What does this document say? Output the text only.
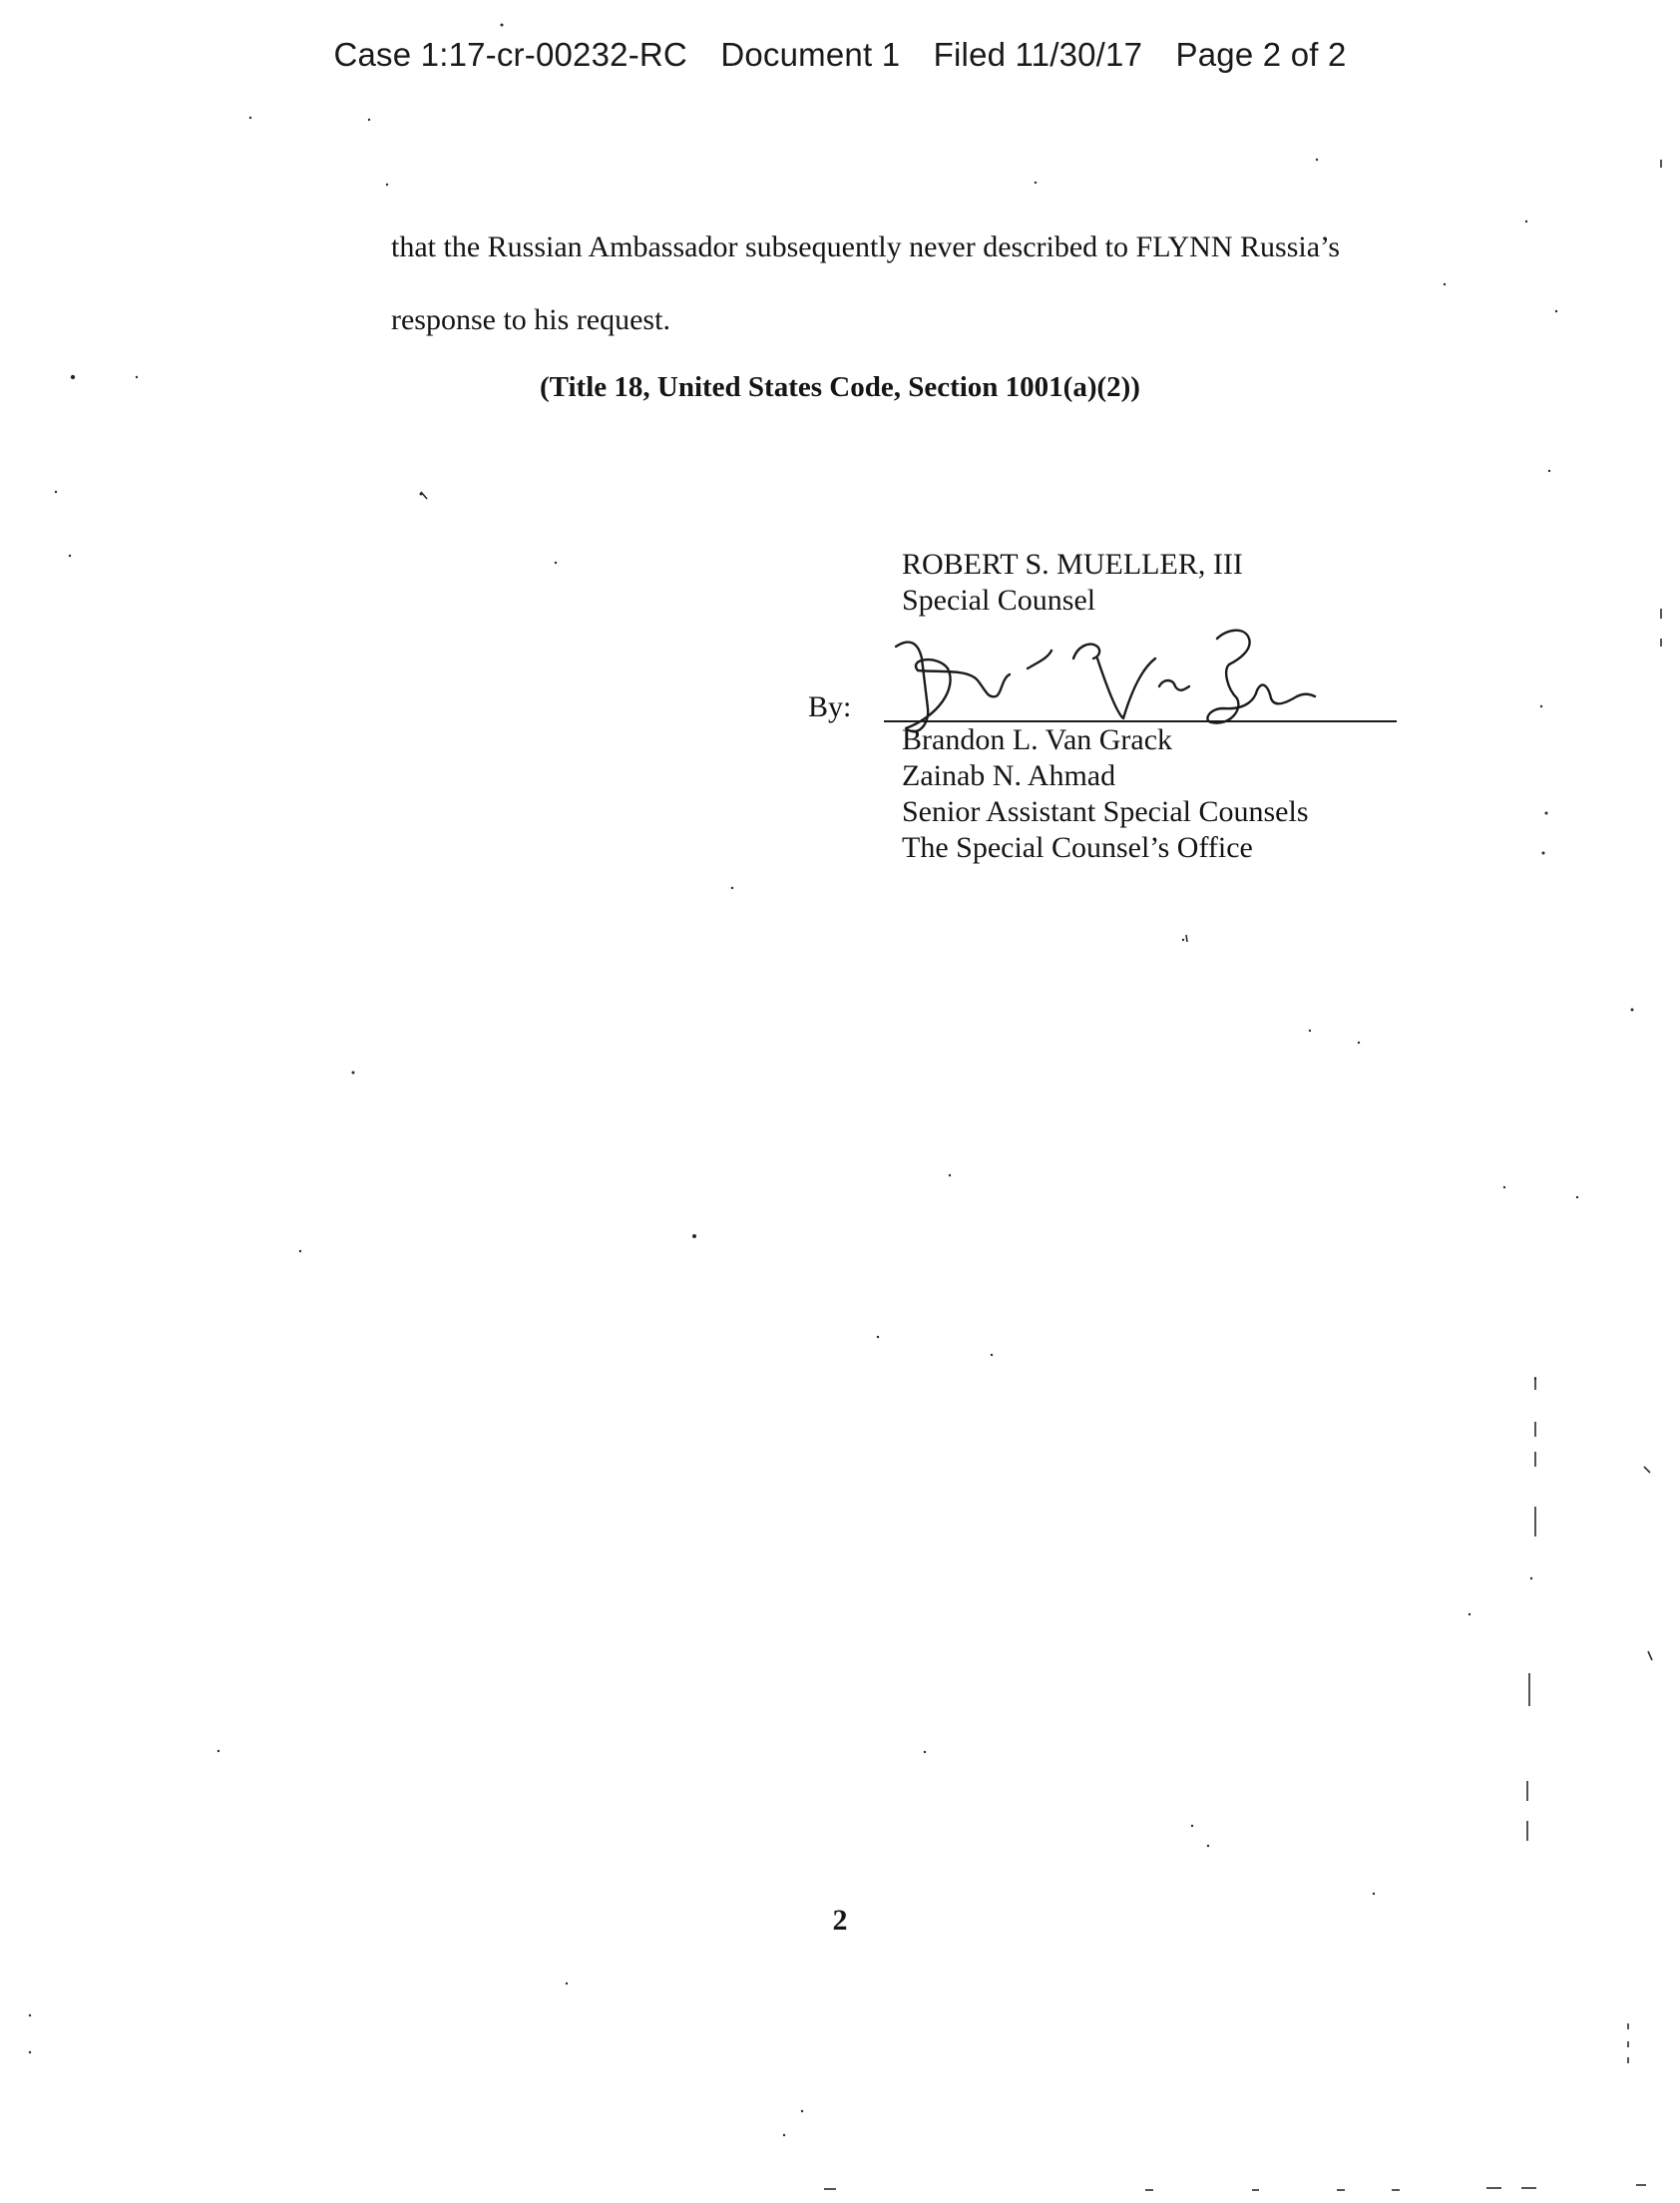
Case 1:17-cr-00232-RC Document 1 Filed 11/30/17 Page 2 of 2
that the Russian Ambassador subsequently never described to FLYNN Russia’s
response to his request.
(Title 18, United States Code, Section 1001(a)(2))
ROBERT S. MUELLER, III
Special Counsel
By:
Brandon L. Van Grack
Zainab N. Ahmad
Senior Assistant Special Counsels
The Special Counsel’s Office
2
